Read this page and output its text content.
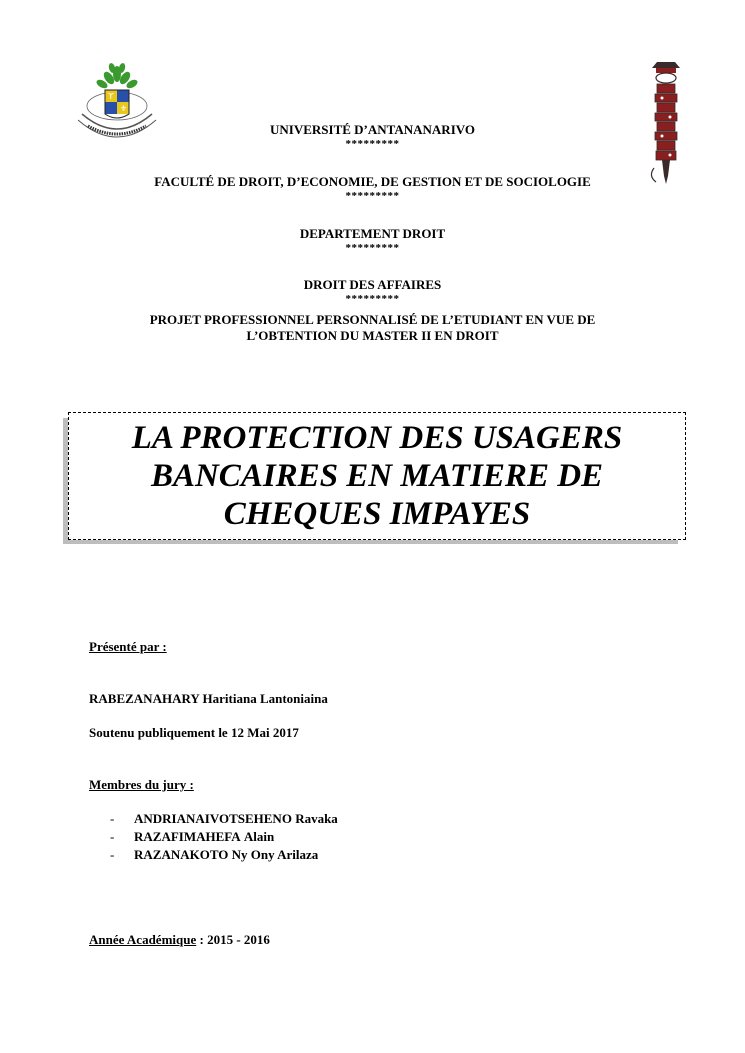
ϒ
⚜
UNIVERSITÉ D’ANTANANARIVO
*********
FACULTÉ DE DROIT, D’ECONOMIE, DE GESTION ET DE SOCIOLOGIE
*********
DEPARTEMENT DROIT
*********
DROIT DES AFFAIRES
*********
PROJET PROFESSIONNEL PERSONNALISÉ DE L’ETUDIANT EN VUE DE
L’OBTENTION DU MASTER II EN DROIT
LA PROTECTION DES USAGERS
BANCAIRES EN MATIERE DE
CHEQUES IMPAYES
Présenté par :
RABEZANAHARY Haritiana Lantoniaina
Soutenu publiquement le 12 Mai 2017
Membres du jury :
-	ANDRIANAIVOTSEHENO
Ravaka
-	RAZAFIMAHEFA
Alain
-	RAZANAKOTO
Ny Ony Arilaza
Année Académique : 2015 - 2016
